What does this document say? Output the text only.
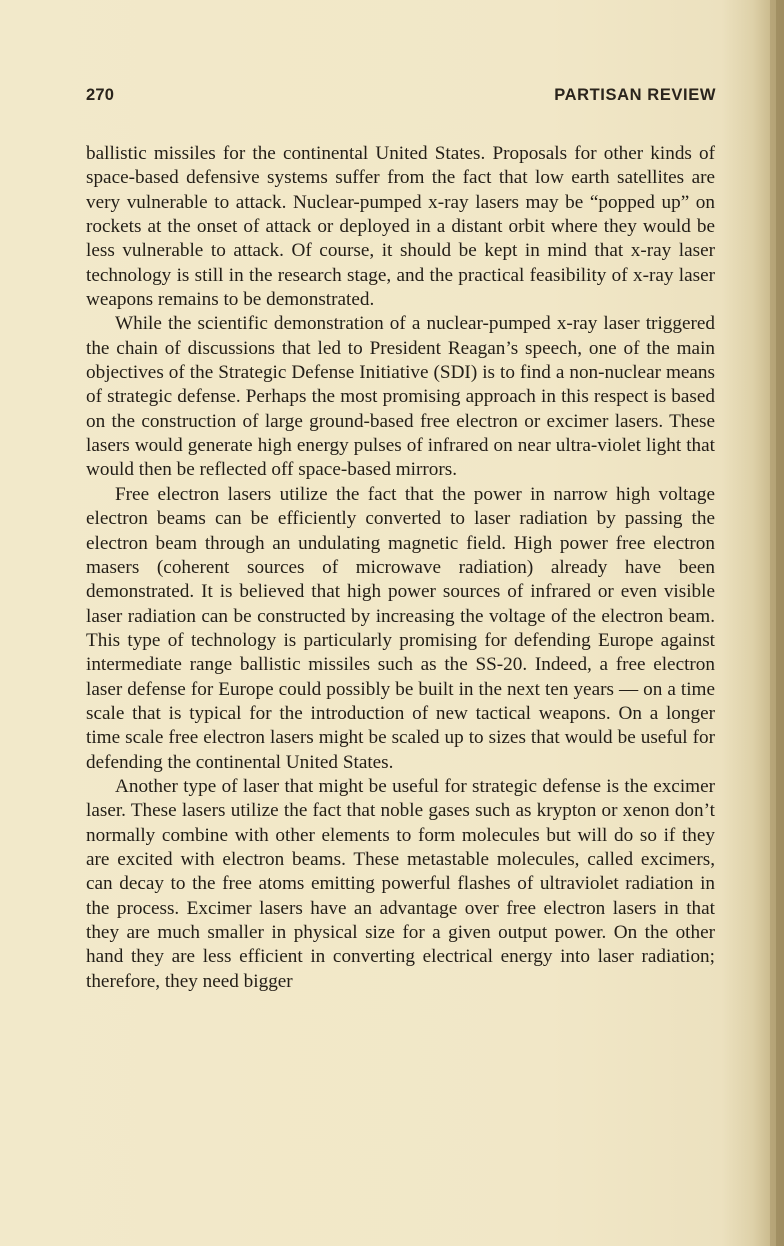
270	PARTISAN REVIEW

ballistic missiles for the continental United States. Proposals for other kinds of space-based defensive systems suffer from the fact that low earth satellites are very vulnerable to attack. Nuclear-pumped x-ray lasers may be “popped up” on rockets at the onset of attack or deployed in a distant orbit where they would be less vulnerable to attack. Of course, it should be kept in mind that x-ray laser technology is still in the research stage, and the practical feasibility of x-ray laser weapons remains to be demonstrated.

While the scientific demonstration of a nuclear-pumped x-ray laser triggered the chain of discussions that led to President Reagan’s speech, one of the main objectives of the Strategic Defense Initiative (SDI) is to find a non-nuclear means of strategic defense. Perhaps the most promising approach in this respect is based on the construction of large ground-based free electron or excimer lasers. These lasers would generate high energy pulses of infrared on near ultra-violet light that would then be reflected off space-based mirrors.

Free electron lasers utilize the fact that the power in narrow high voltage electron beams can be efficiently converted to laser radiation by passing the electron beam through an undulating magnetic field. High power free electron masers (coherent sources of microwave radiation) already have been demonstrated. It is believed that high power sources of infrared or even visible laser radiation can be constructed by increasing the voltage of the electron beam. This type of technology is particularly promising for defending Europe against intermediate range ballistic missiles such as the SS-20. Indeed, a free electron laser defense for Europe could possibly be built in the next ten years — on a time scale that is typical for the introduction of new tactical weapons. On a longer time scale free electron lasers might be scaled up to sizes that would be useful for defending the continental United States.

Another type of laser that might be useful for strategic defense is the excimer laser. These lasers utilize the fact that noble gases such as krypton or xenon don’t normally combine with other elements to form molecules but will do so if they are excited with electron beams. These metastable molecules, called excimers, can decay to the free atoms emitting powerful flashes of ultraviolet radiation in the process. Excimer lasers have an advantage over free electron lasers in that they are much smaller in physical size for a given output power. On the other hand they are less efficient in converting electrical energy into laser radiation; therefore, they need bigger
